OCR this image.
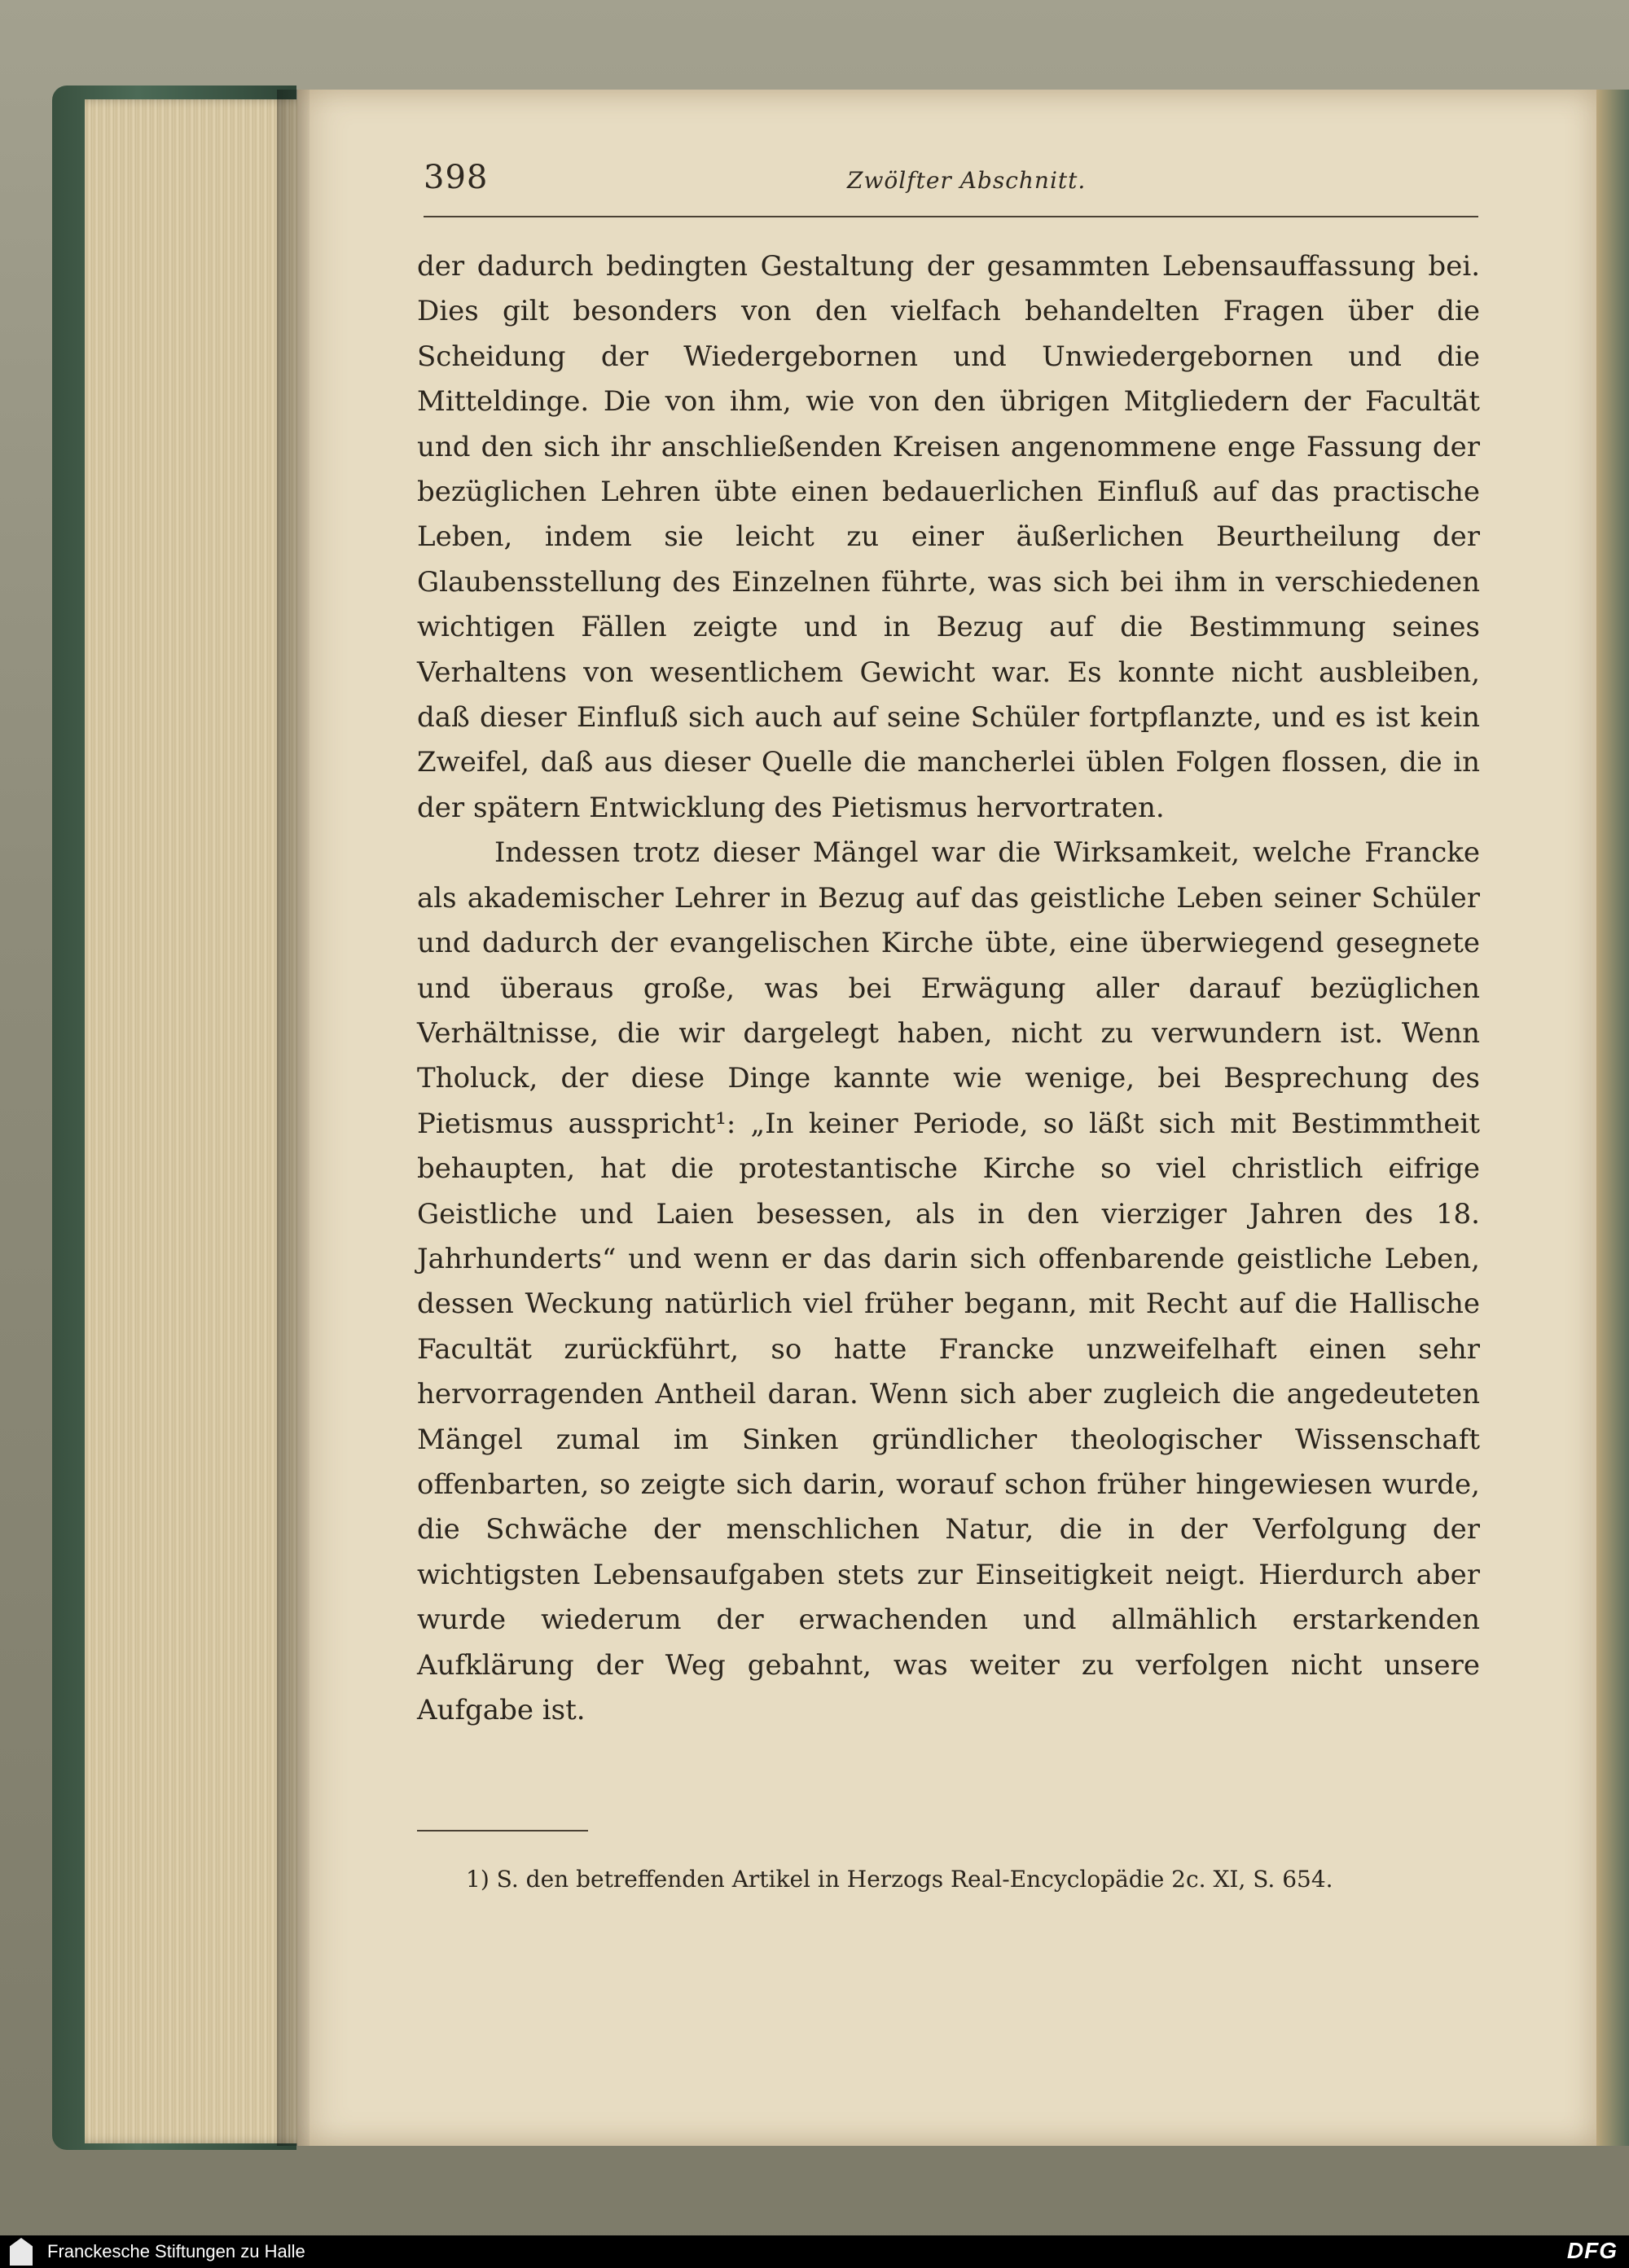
398	Zwölfter Abschnitt.

der dadurch bedingten Gestaltung der gesammten Lebensauffassung bei. Dies gilt besonders von den vielfach behandelten Fragen über die Scheidung der Wiedergebornen und Unwiedergebornen und die Mitteldinge. Die von ihm, wie von den übrigen Mitgliedern der Facultät und den sich ihr anschließenden Kreisen angenommene enge Fassung der bezüglichen Lehren übte einen bedauerlichen Einfluß auf das practische Leben, indem sie leicht zu einer äußerlichen Beurtheilung der Glaubensstellung des Einzelnen führte, was sich bei ihm in verschiedenen wichtigen Fällen zeigte und in Bezug auf die Bestimmung seines Verhaltens von wesentlichem Gewicht war. Es konnte nicht ausbleiben, daß dieser Einfluß sich auch auf seine Schüler fortpflanzte, und es ist kein Zweifel, daß aus dieser Quelle die mancherlei üblen Folgen flossen, die in der spätern Entwicklung des Pietismus hervortraten.

Indessen trotz dieser Mängel war die Wirksamkeit, welche Francke als akademischer Lehrer in Bezug auf das geistliche Leben seiner Schüler und dadurch der evangelischen Kirche übte, eine überwiegend gesegnete und überaus große, was bei Erwägung aller darauf bezüglichen Verhältnisse, die wir dargelegt haben, nicht zu verwundern ist. Wenn Tholuck, der diese Dinge kannte wie wenige, bei Besprechung des Pietismus ausspricht¹: „In keiner Periode, so läßt sich mit Bestimmtheit behaupten, hat die protestantische Kirche so viel christlich eifrige Geistliche und Laien besessen, als in den vierziger Jahren des 18. Jahrhunderts“ und wenn er das darin sich offenbarende geistliche Leben, dessen Weckung natürlich viel früher begann, mit Recht auf die Hallische Facultät zurückführt, so hatte Francke unzweifelhaft einen sehr hervorragenden Antheil daran. Wenn sich aber zugleich die angedeuteten Mängel zumal im Sinken gründlicher theologischer Wissenschaft offenbarten, so zeigte sich darin, worauf schon früher hingewiesen wurde, die Schwäche der menschlichen Natur, die in der Verfolgung der wichtigsten Lebensaufgaben stets zur Einseitigkeit neigt. Hierdurch aber wurde wiederum der erwachenden und allmählich erstarkenden Aufklärung der Weg gebahnt, was weiter zu verfolgen nicht unsere Aufgabe ist.

1) S. den betreffenden Artikel in Herzogs Real-Encyclopädie 2c. XI, S. 654.
Franckesche Stiftungen zu Halle	DFG
